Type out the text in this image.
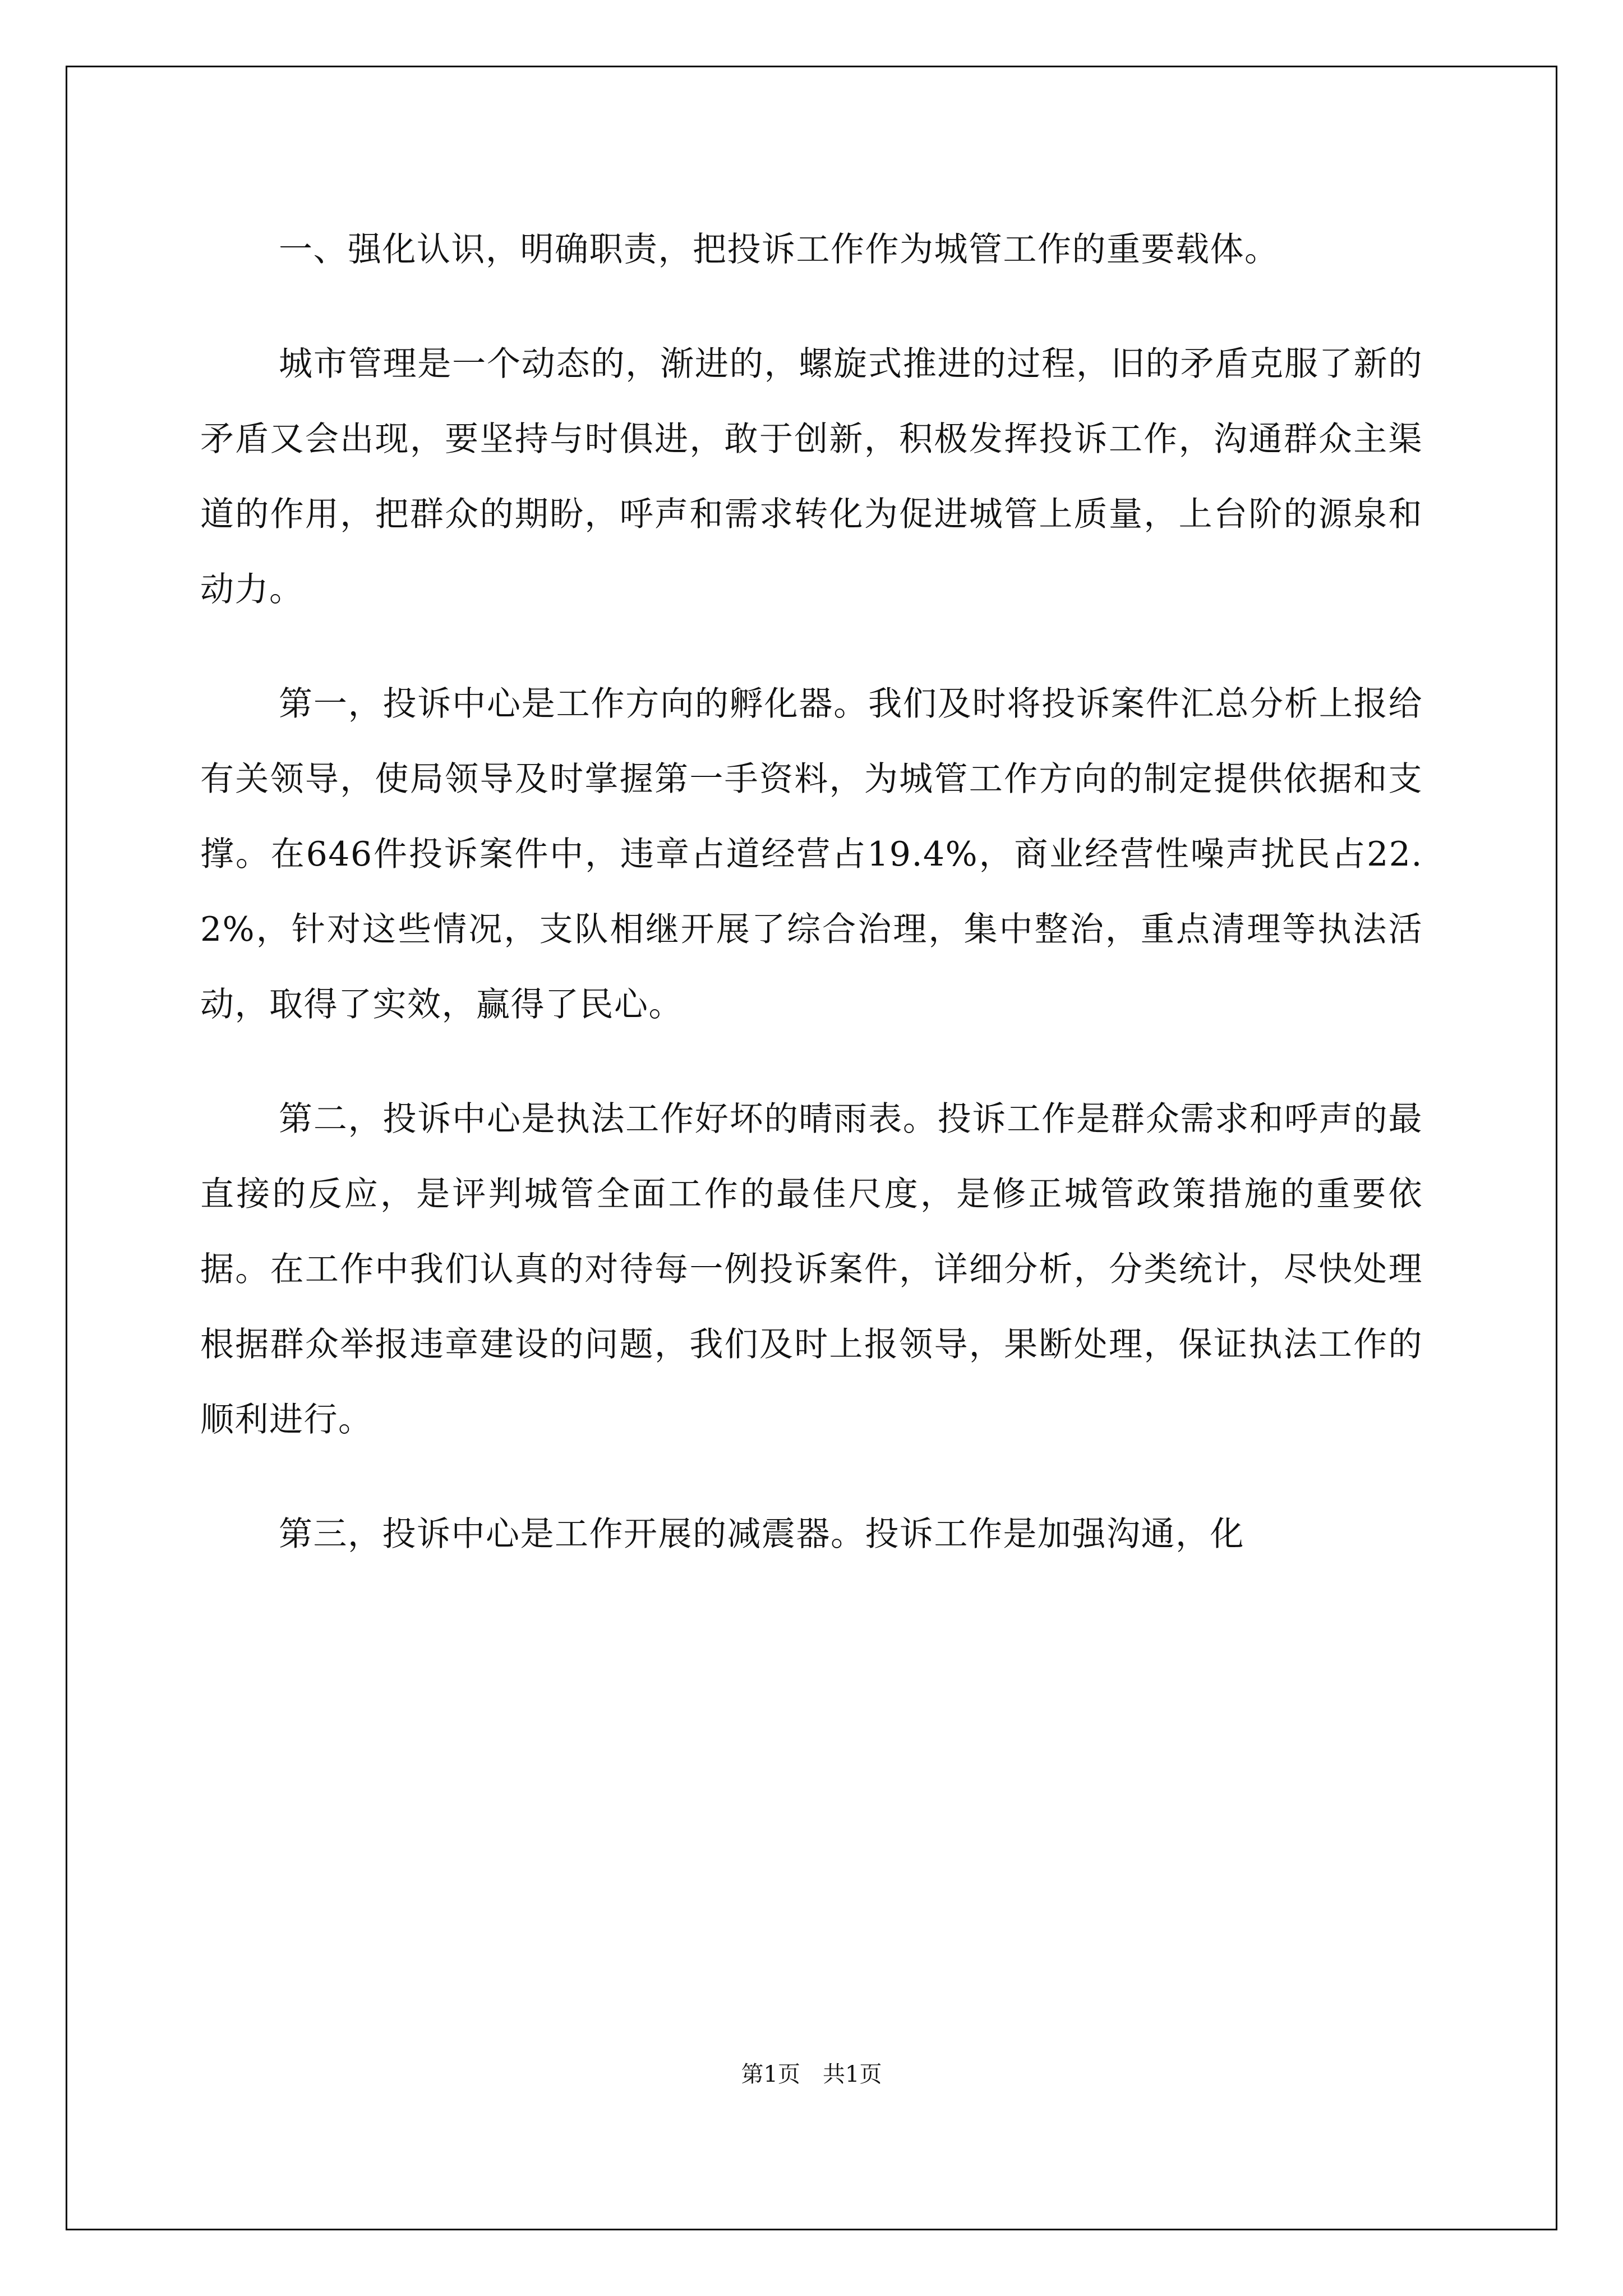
一、强化认识，明确职责，把投诉工作作为城管工作的重要载体。

城市管理是一个动态的，渐进的，螺旋式推进的过程，旧的矛盾克服了新的矛盾又会出现，要坚持与时俱进，敢于创新，积极发挥投诉工作，沟通群众主渠道的作用，把群众的期盼，呼声和需求转化为促进城管上质量，上台阶的源泉和动力。

第一，投诉中心是工作方向的孵化器。我们及时将投诉案件汇总分析上报给有关领导，使局领导及时掌握第一手资料，为城管工作方向的制定提供依据和支撑。在646件投诉案件中，违章占道经营占19.4%，商业经营性噪声扰民占22.2%，针对这些情况，支队相继开展了综合治理，集中整治，重点清理等执法活动，取得了实效，赢得了民心。

第二，投诉中心是执法工作好坏的晴雨表。投诉工作是群众需求和呼声的最直接的反应，是评判城管全面工作的最佳尺度，是修正城管政策措施的重要依据。在工作中我们认真的对待每一例投诉案件，详细分析，分类统计，尽快处理根据群众举报违章建设的问题，我们及时上报领导，果断处理，保证执法工作的顺利进行。

第三，投诉中心是工作开展的减震器。投诉工作是加强沟通，化

第1页　共1页
